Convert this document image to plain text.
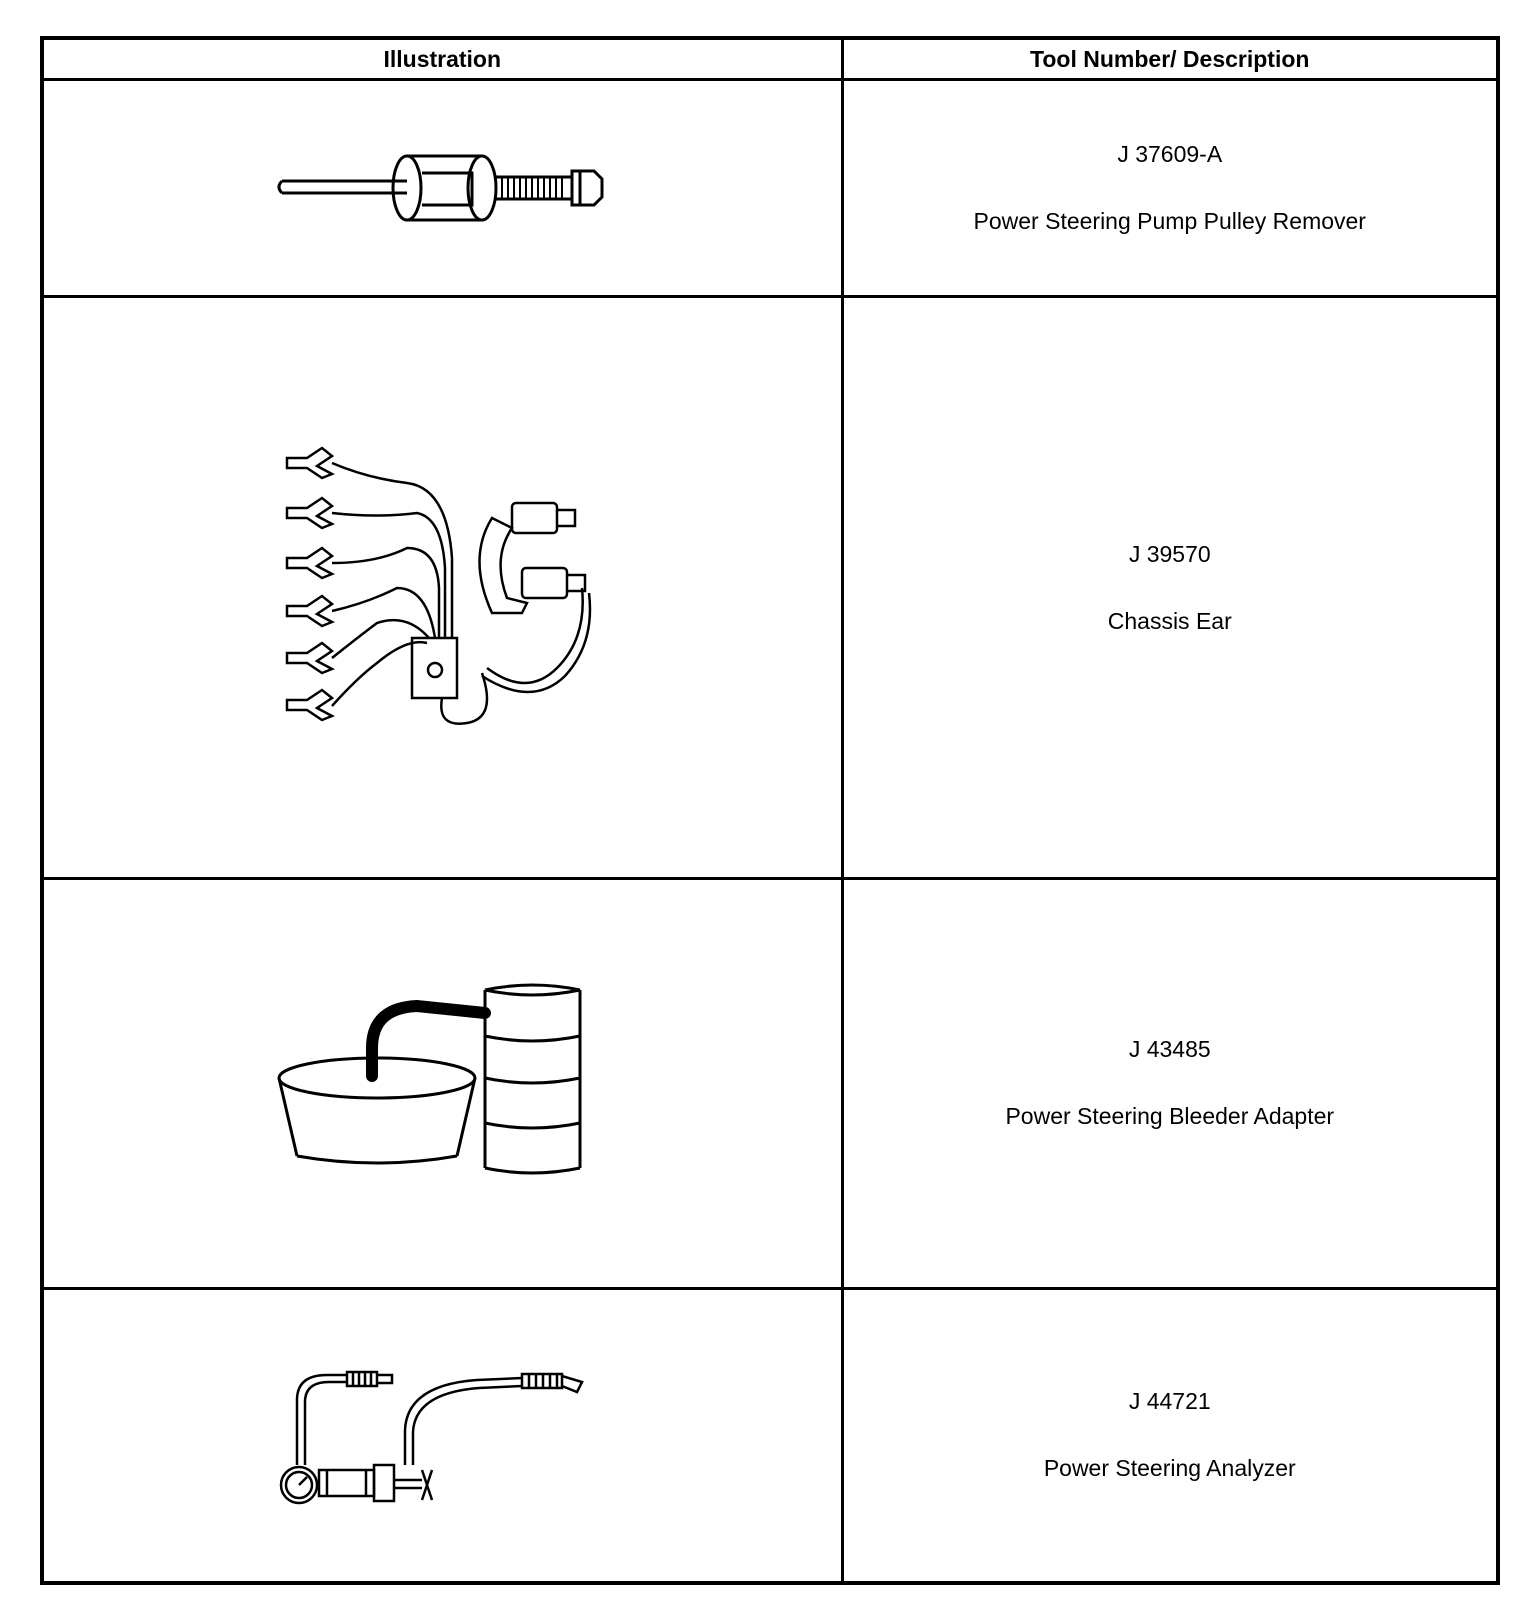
Illustration	Tool Number/ Description

J 37609-A
Power Steering Pump Pulley Remover

J 39570
Chassis Ear

J 43485
Power Steering Bleeder Adapter

J 44721
Power Steering Analyzer
